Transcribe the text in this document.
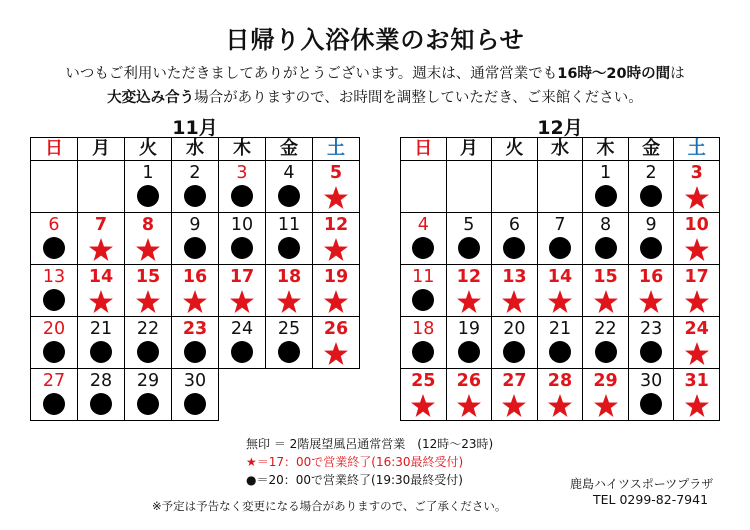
日帰り入浴休業のお知らせ
いつもご利用いただきましてありがとうございます。週末は、通常営業でも16時〜20時の間は
大変込み合う場合がありますので、お時間を調整していただき、ご来館ください。
11月	12月
日	月	火	水	木	金	土

		1	2	3	4	5

6	7	8	9	10	11	12

13	14	15	16	17	18	19

20	21	22	23	24	25	26

27	28	29	30			

日	月	火	水	木	金	土

				1	2	3

4	5	6	7	8	9	10

11	12	13	14	15	16	17

18	19	20	21	22	23	24

25	26	27	28	29	30	31
無印 ＝ 2階展望風呂通常営業　(12時〜23時)
★＝17：00で営業終了(16:30最終受付)
●＝20：00で営業終了(19:30最終受付)
※予定は予告なく変更になる場合がありますので、ご了承ください。
鹿島ハイツスポーツプラザ
TEL 0299-82-7941
